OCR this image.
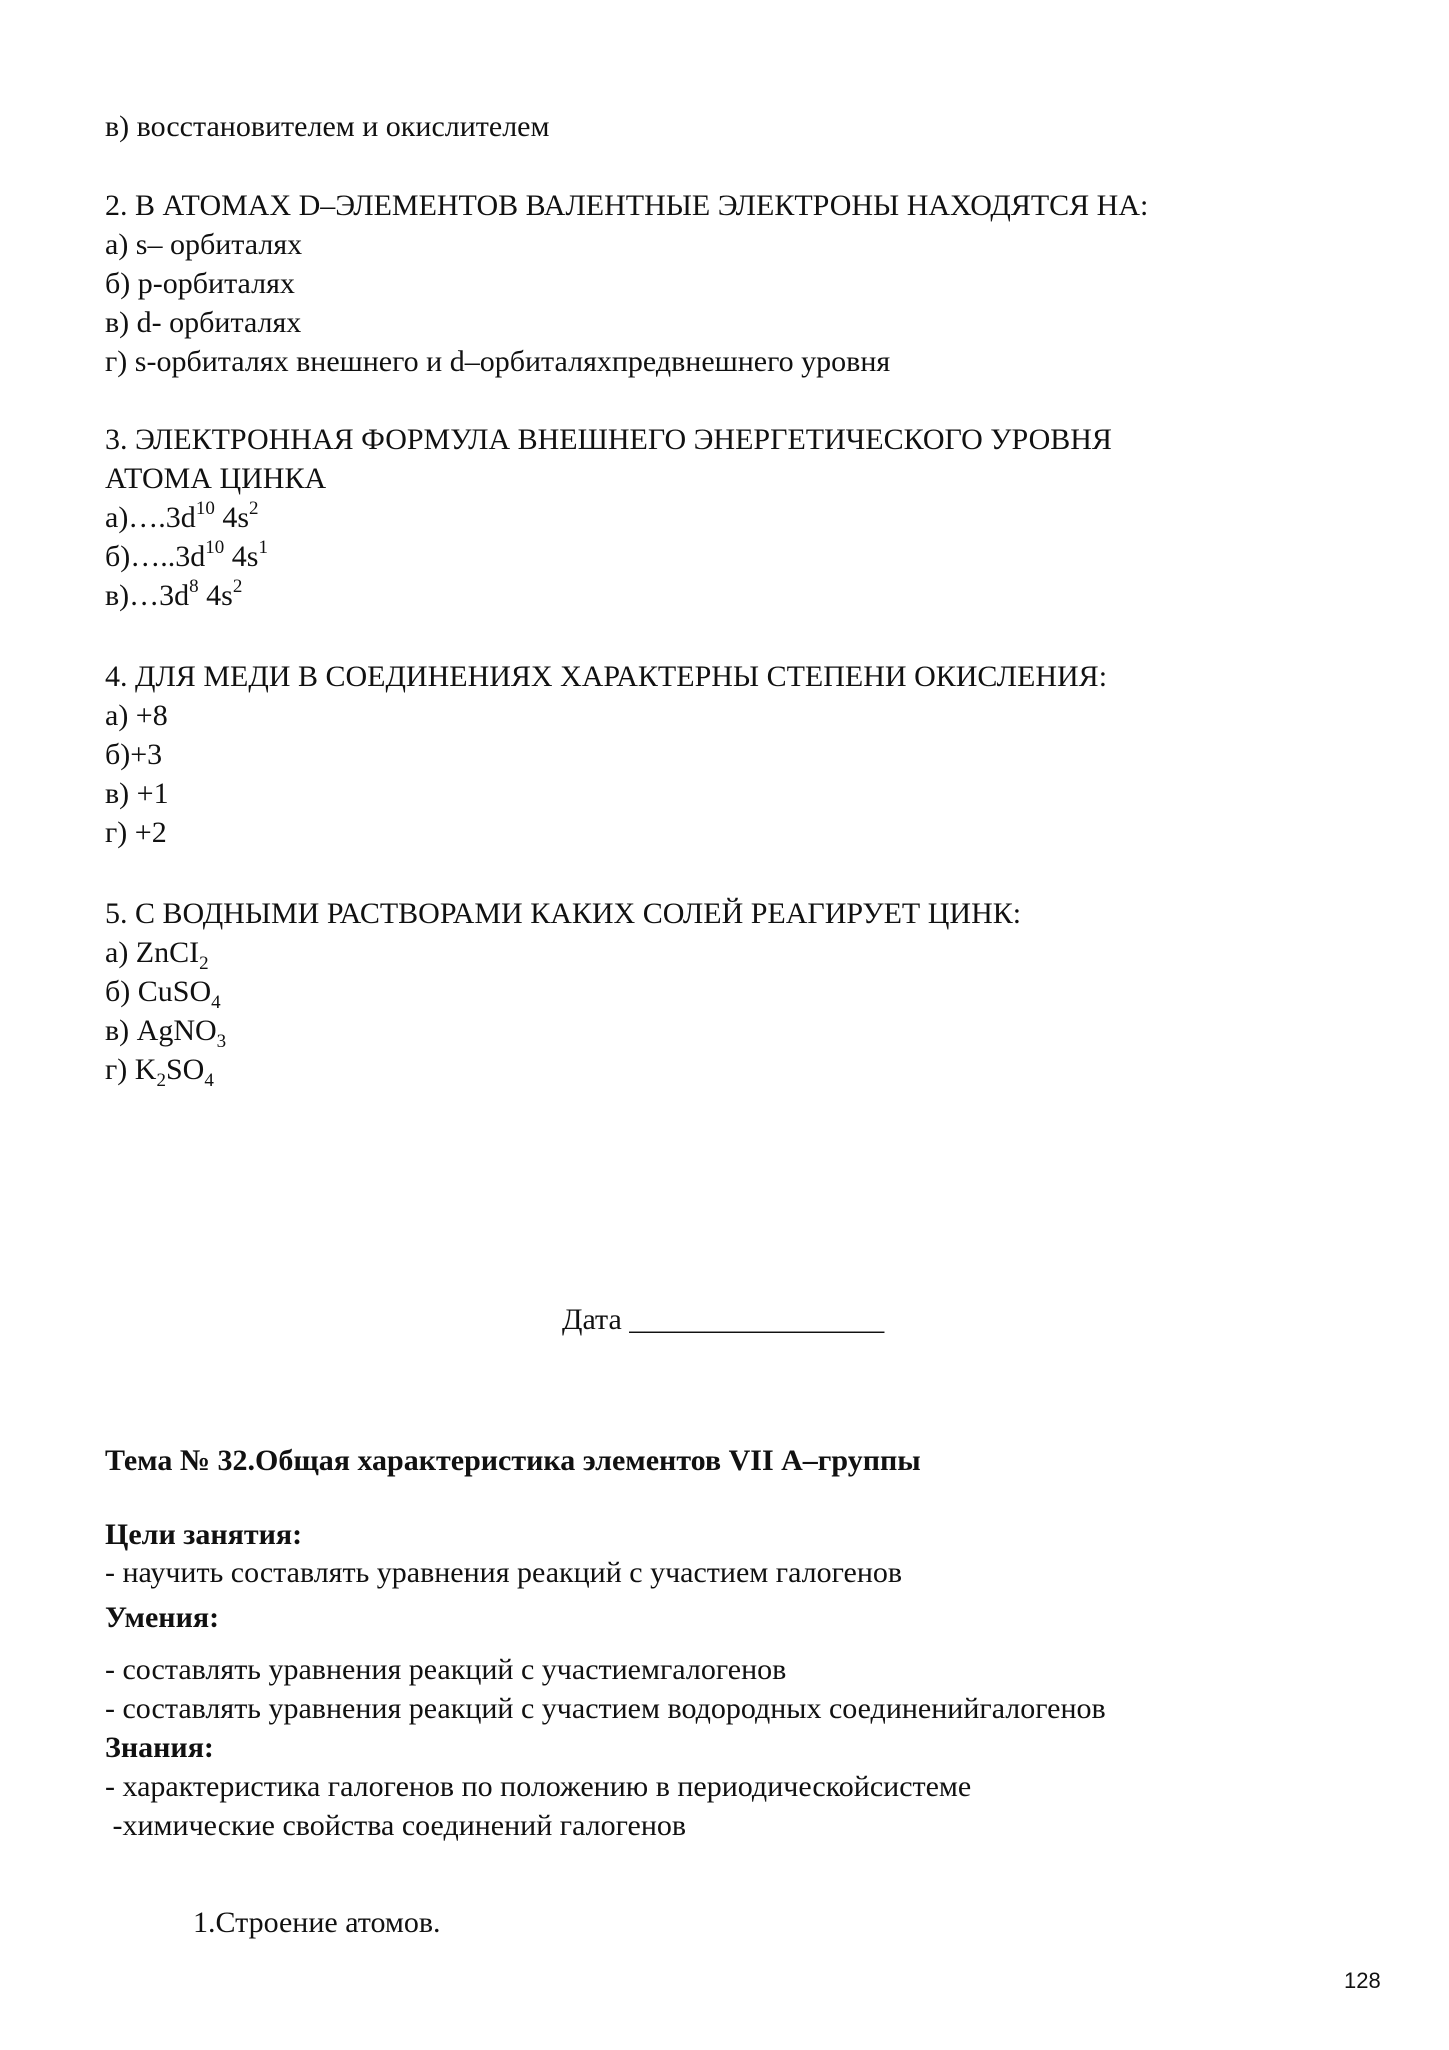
в) восстановителем и окислителем
2. В АТОМАХ D–ЭЛЕМЕНТОВ ВАЛЕНТНЫЕ ЭЛЕКТРОНЫ НАХОДЯТСЯ НА:
а) s– орбиталях
б) p-орбиталях
в) d- орбиталях
г) s-орбиталях внешнего и d–орбиталяхпредвнешнего уровня
3. ЭЛЕКТРОННАЯ ФОРМУЛА ВНЕШНЕГО ЭНЕРГЕТИЧЕСКОГО УРОВНЯ
АТОМА ЦИНКА
$а)\dots.3d^{10}$ $4s^2$
$б)\dots..3d^{10}$ $4s^1$
$в)\dots 3d^8$ $4s^2$
4. ДЛЯ МЕДИ В СОЕДИНЕНИЯХ ХАРАКТЕРНЫ СТЕПЕНИ ОКИСЛЕНИЯ:
а) +8
б)+3
в) +1
г) +2
5. С ВОДНЫМИ РАСТВОРАМИ КАКИХ СОЛЕЙ РЕАГИРУЕТ ЦИНК:
а) ZnCI$_2$
б) CuSO$_4$
в) AgNO$_3$
г) $K_2SO_4$
Дата _________________
Тема № 32.Общая характеристика элементов VII А–группы
Цели занятия:
- научить составлять уравнения реакций с участием галогенов
Умения:
- составлять уравнения реакций с участиемгалогенов
- составлять уравнения реакций с участием водородных соединенийгалогенов
Знания:
- характеристика галогенов по положению в периодическойсистеме
-химические свойства соединений галогенов
1.Строение атомов.
128
